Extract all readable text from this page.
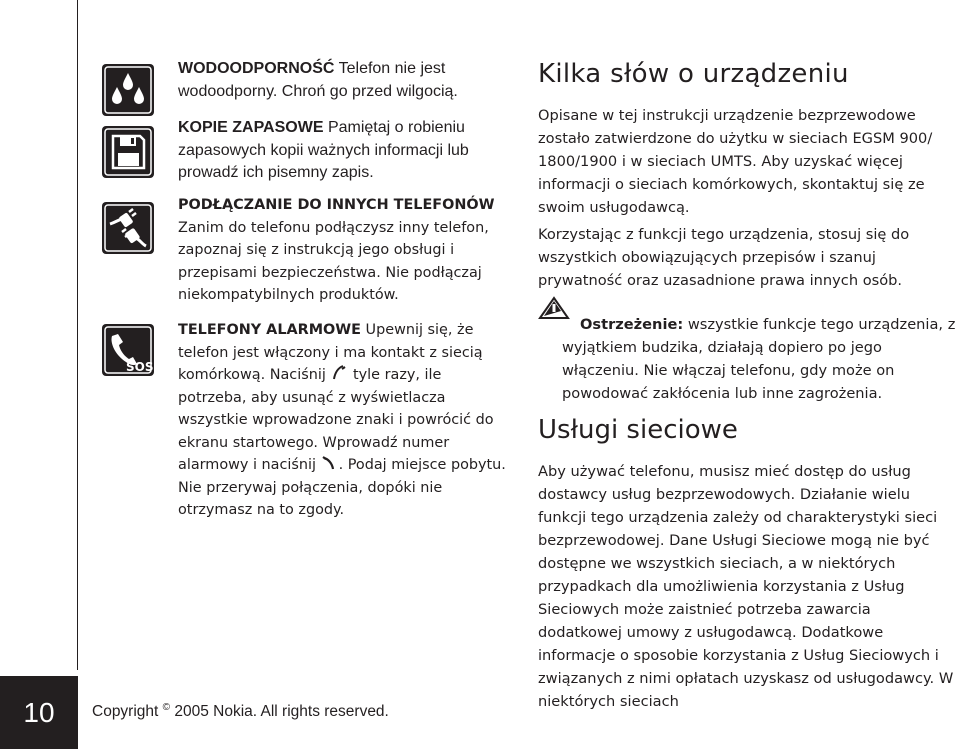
10
SOS

WODOODPORNOŚĆ Telefon nie jest wodoodporny. Chroń go przed wilgocią.

KOPIE ZAPASOWE Pamiętaj o robieniu zapasowych kopii ważnych informacji lub prowadź ich pisemny zapis.

PODŁĄCZANIE DO INNYCH TELEFONÓW

Zanim do telefonu podłączysz inny telefon, zapoznaj się z instrukcją jego obsługi i przepisami bezpieczeństwa. Nie podłączaj niekompatybilnych produktów.

TELEFONY ALARMOWE Upewnij się, że telefon jest włączony i ma kontakt z siecią komórkową. Naciśnij  tyle razy, ile potrzeba, aby usunąć z wyświetlacza wszystkie wprowadzone znaki i powrócić do ekranu startowego. Wprowadź numer alarmowy i naciśnij . Podaj miejsce pobytu. Nie przerywaj połączenia, dopóki nie otrzymasz na to zgody.

Kilka słów o urządzeniu

Opisane w tej instrukcji urządzenie bezprzewodowe zostało zatwierdzone do użytku w sieciach EGSM 900/ 1800/1900 i w sieciach UMTS. Aby uzyskać więcej informacji o sieciach komórkowych, skontaktuj się ze swoim usługodawcą.

Korzystając z funkcji tego urządzenia, stosuj się do wszystkich obowiązujących przepisów i szanuj prywatność oraz uzasadnione prawa innych osób.

Ostrzeżenie: wszystkie funkcje tego urządzenia, z wyjątkiem budzika, działają dopiero po jego włączeniu. Nie włączaj telefonu, gdy może on powodować zakłócenia lub inne zagrożenia.

Usługi sieciowe

Aby używać telefonu, musisz mieć dostęp do usług dostawcy usług bezprzewodowych. Działanie wielu funkcji tego urządzenia zależy od charakterystyki sieci bezprzewodowej. Dane Usługi Sieciowe mogą nie być dostępne we wszystkich sieciach, a w niektórych przypadkach dla umożliwienia korzystania z Usług Sieciowych może zaistnieć potrzeba zawarcia dodatkowej umowy z usługodawcą. Dodatkowe informacje o sposobie korzystania z Usług Sieciowych i związanych z nimi opłatach uzyskasz od usługodawcy. W niektórych sieciach

Copyright © 2005 Nokia. All rights reserved.
